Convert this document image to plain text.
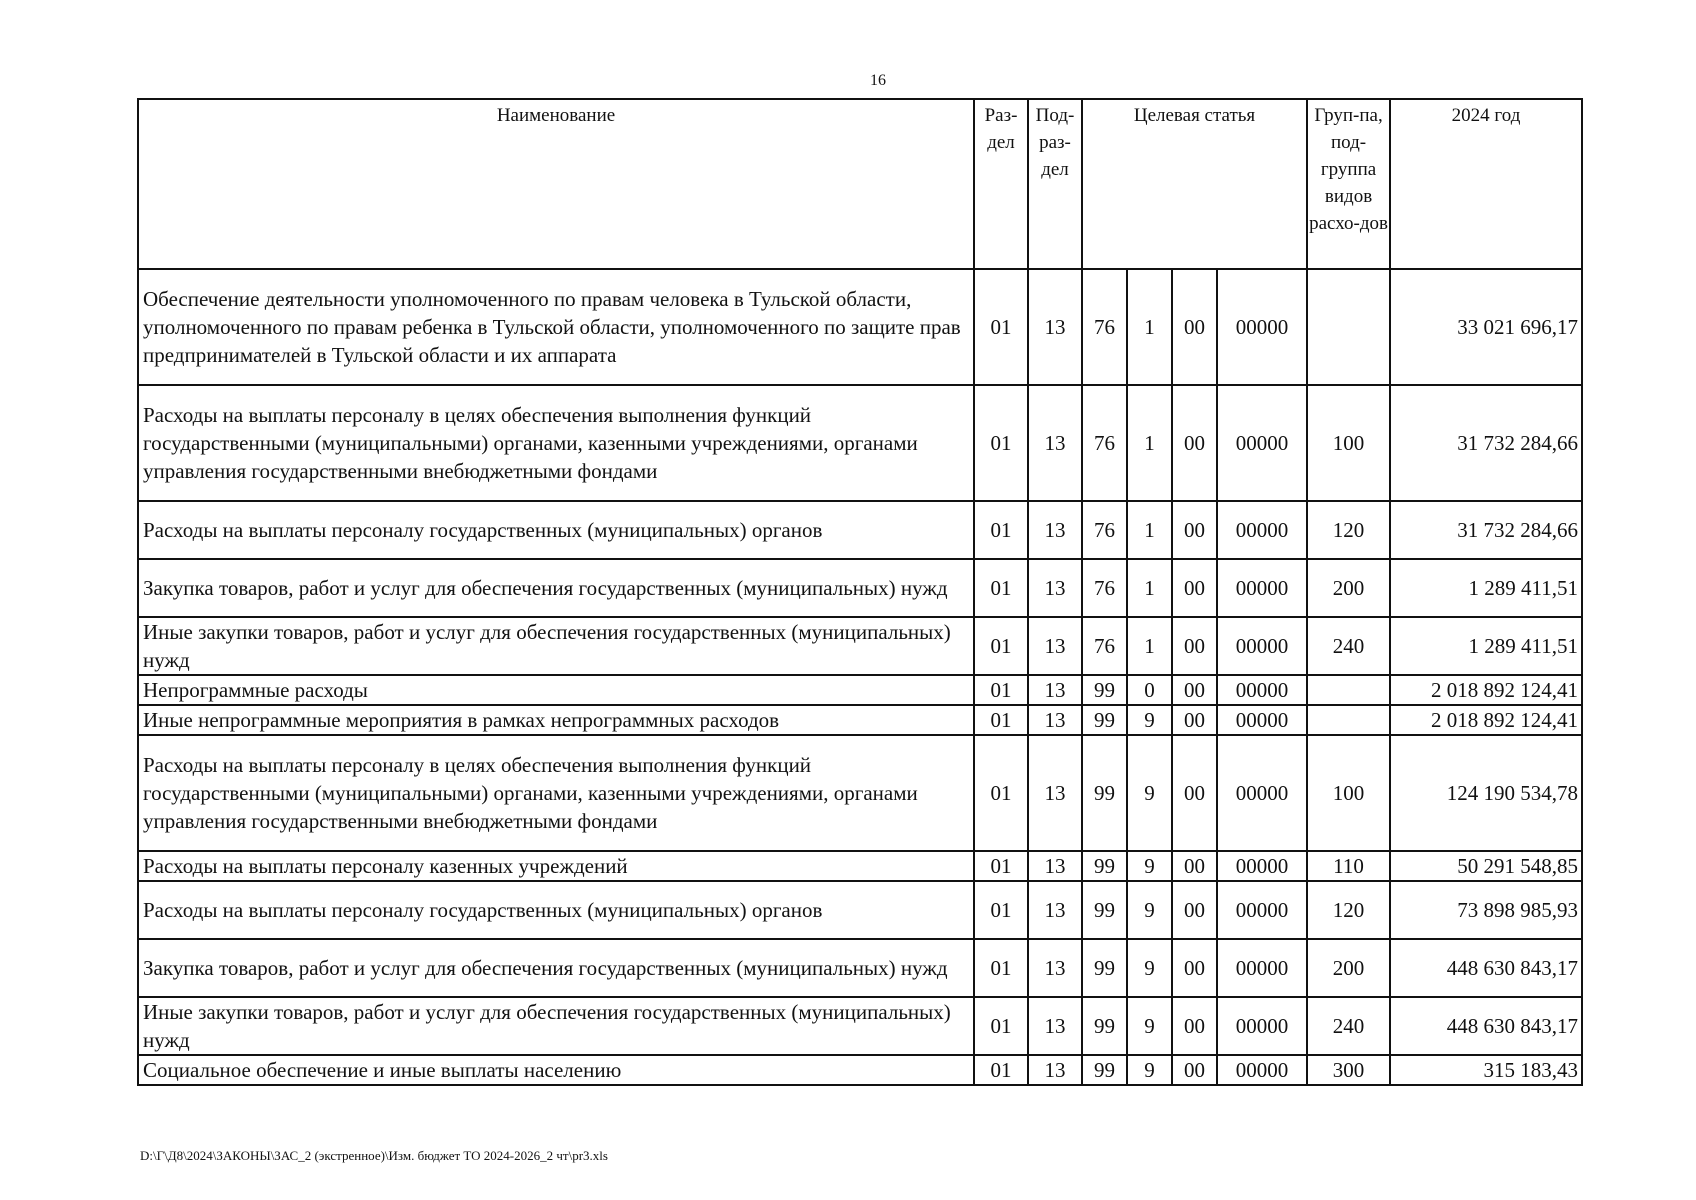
16
Наименование	Раз-дел	Под-раз-дел	Целевая статья				Груп-па, под-группа видов расхо-дов	2024 год
Обеспечение деятельности уполномоченного по правам человека в Тульской области, уполномоченного по правам ребенка в Тульской области, уполномоченного по защите прав предпринимателей в Тульской области и их аппарата	01	13	76	1	00	00000		33 021 696,17
Расходы на выплаты персоналу в целях обеспечения выполнения функций государственными (муниципальными) органами, казенными учреждениями, органами управления государственными внебюджетными фондами	01	13	76	1	00	00000	100	31 732 284,66
Расходы на выплаты персоналу государственных (муниципальных) органов	01	13	76	1	00	00000	120	31 732 284,66
Закупка товаров, работ и услуг для обеспечения государственных (муниципальных) нужд	01	13	76	1	00	00000	200	1 289 411,51
Иные закупки товаров, работ и услуг для обеспечения государственных (муниципальных) нужд	01	13	76	1	00	00000	240	1 289 411,51
Непрограммные расходы	01	13	99	0	00	00000		2 018 892 124,41
Иные непрограммные мероприятия в рамках непрограммных расходов	01	13	99	9	00	00000		2 018 892 124,41
Расходы на выплаты персоналу в целях обеспечения выполнения функций государственными (муниципальными) органами, казенными учреждениями, органами управления государственными внебюджетными фондами	01	13	99	9	00	00000	100	124 190 534,78
Расходы на выплаты персоналу казенных учреждений	01	13	99	9	00	00000	110	50 291 548,85
Расходы на выплаты персоналу государственных (муниципальных) органов	01	13	99	9	00	00000	120	73 898 985,93
Закупка товаров, работ и услуг для обеспечения государственных (муниципальных) нужд	01	13	99	9	00	00000	200	448 630 843,17
Иные закупки товаров, работ и услуг для обеспечения государственных (муниципальных) нужд	01	13	99	9	00	00000	240	448 630 843,17
Социальное обеспечение и иные выплаты населению	01	13	99	9	00	00000	300	315 183,43
D:\Г\Д8\2024\ЗАКОНЫ\ЗАС_2 (экстренное)\Изм. бюджет ТО 2024-2026_2 чт\pr3.xls
